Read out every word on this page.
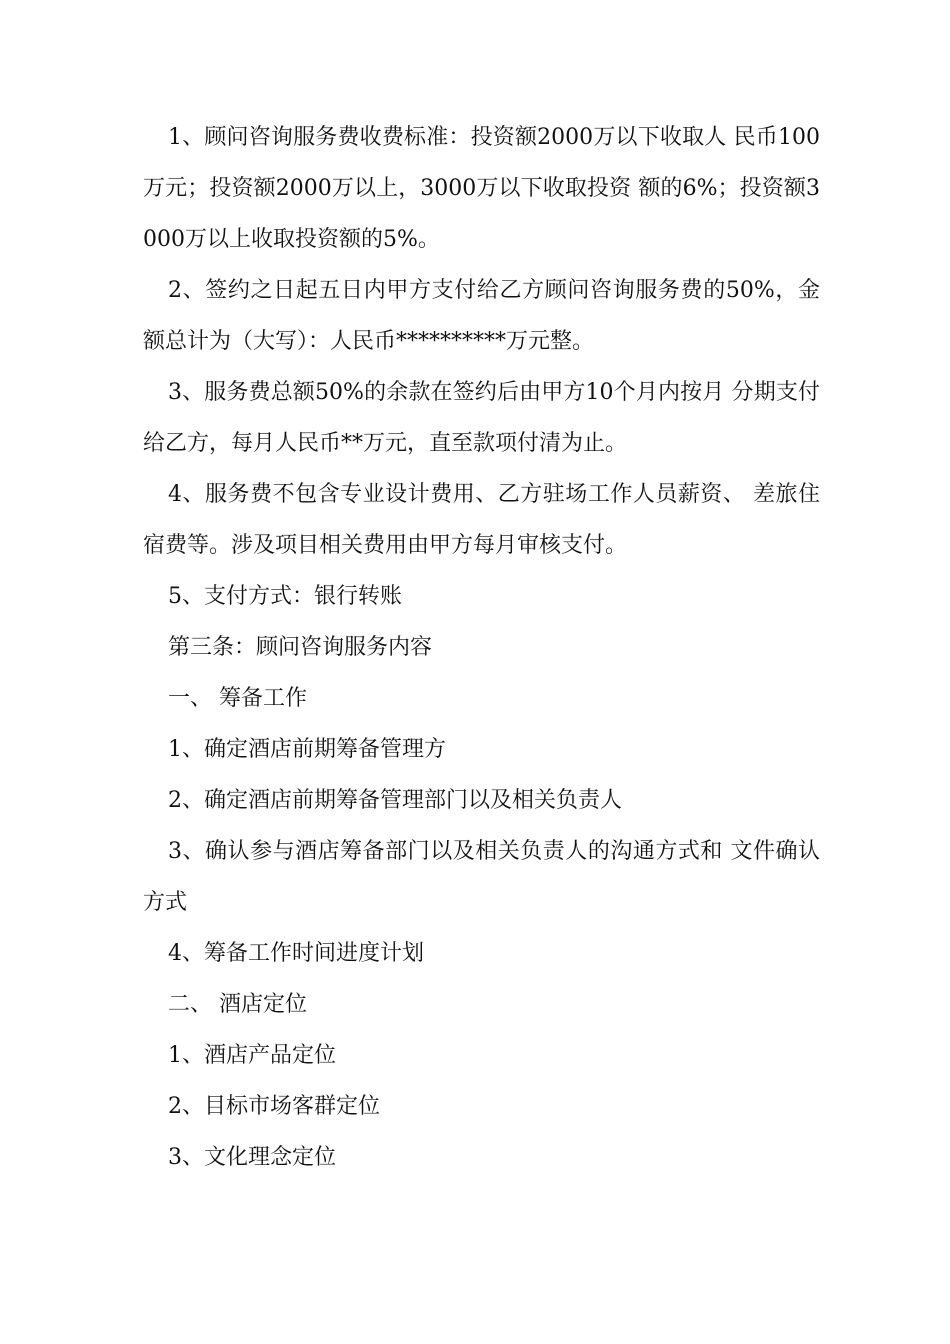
1、顾问咨询服务费收费标准：投资额2000万以下收取人 民币100万元；投资额2000万以上，3000万以下收取投资 额的6%；投资额3000万以上收取投资额的5%。

2、签约之日起五日内甲方支付给乙方顾问咨询服务费的50%，金额总计为（大写）：人民币**********万元整。

3、服务费总额50%的余款在签约后由甲方10个月内按月 分期支付给乙方，每月人民币**万元，直至款项付清为止。

4、服务费不包含专业设计费用、乙方驻场工作人员薪资、 差旅住宿费等。涉及项目相关费用由甲方每月审核支付。

5、支付方式：银行转账

第三条：顾问咨询服务内容

一、 筹备工作

1、确定酒店前期筹备管理方

2、确定酒店前期筹备管理部门以及相关负责人

3、确认参与酒店筹备部门以及相关负责人的沟通方式和 文件确认方式

4、筹备工作时间进度计划

二、 酒店定位

1、酒店产品定位

2、目标市场客群定位

3、文化理念定位
